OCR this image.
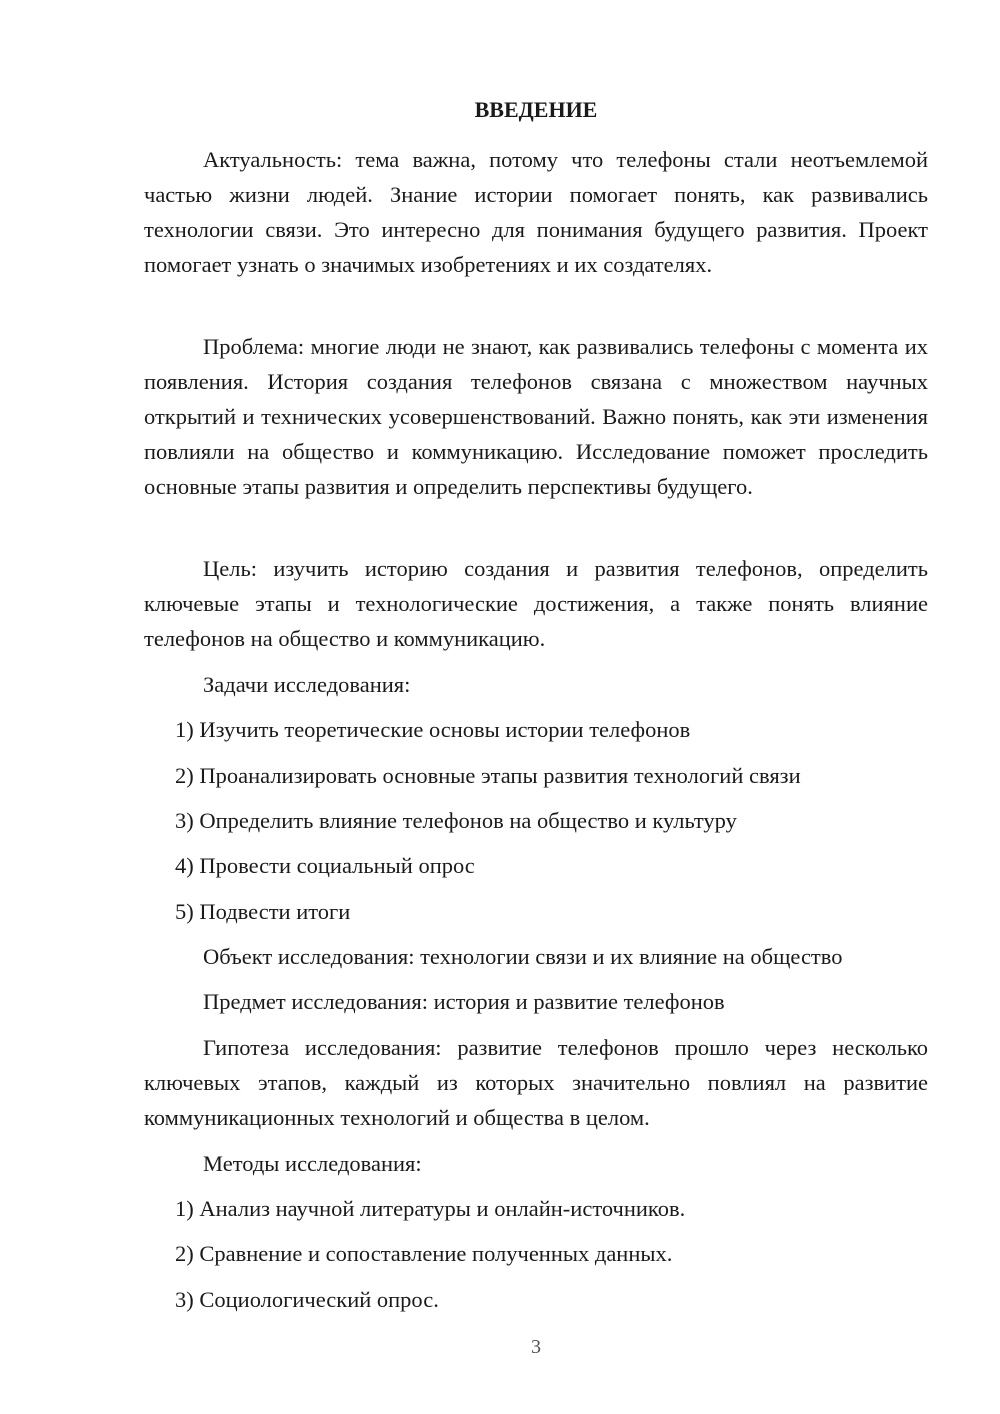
ВВЕДЕНИЕ

Актуальность: тема важна, потому что телефоны стали неотъемлемой частью жизни людей. Знание истории помогает понять, как развивались технологии связи. Это интересно для понимания будущего развития. Проект помогает узнать о значимых изобретениях и их создателях.

Проблема: многие люди не знают, как развивались телефоны с момента их появления. История создания телефонов связана с множеством научных открытий и технических усовершенствований. Важно понять, как эти изменения повлияли на общество и коммуникацию. Исследование поможет проследить основные этапы развития и определить перспективы будущего.

Цель: изучить историю создания и развития телефонов, определить ключевые этапы и технологические достижения, а также понять влияние телефонов на общество и коммуникацию.

Задачи исследования:

1) Изучить теоретические основы истории телефонов

2) Проанализировать основные этапы развития технологий связи

3) Определить влияние телефонов на общество и культуру

4) Провести социальный опрос

5) Подвести итоги

Объект исследования: технологии связи и их влияние на общество

Предмет исследования: история и развитие телефонов

Гипотеза исследования: развитие телефонов прошло через несколько ключевых этапов, каждый из которых значительно повлиял на развитие коммуникационных технологий и общества в целом.

Методы исследования:

1) Анализ научной литературы и онлайн-источников.

2) Сравнение и сопоставление полученных данных.

3) Социологический опрос.

3
